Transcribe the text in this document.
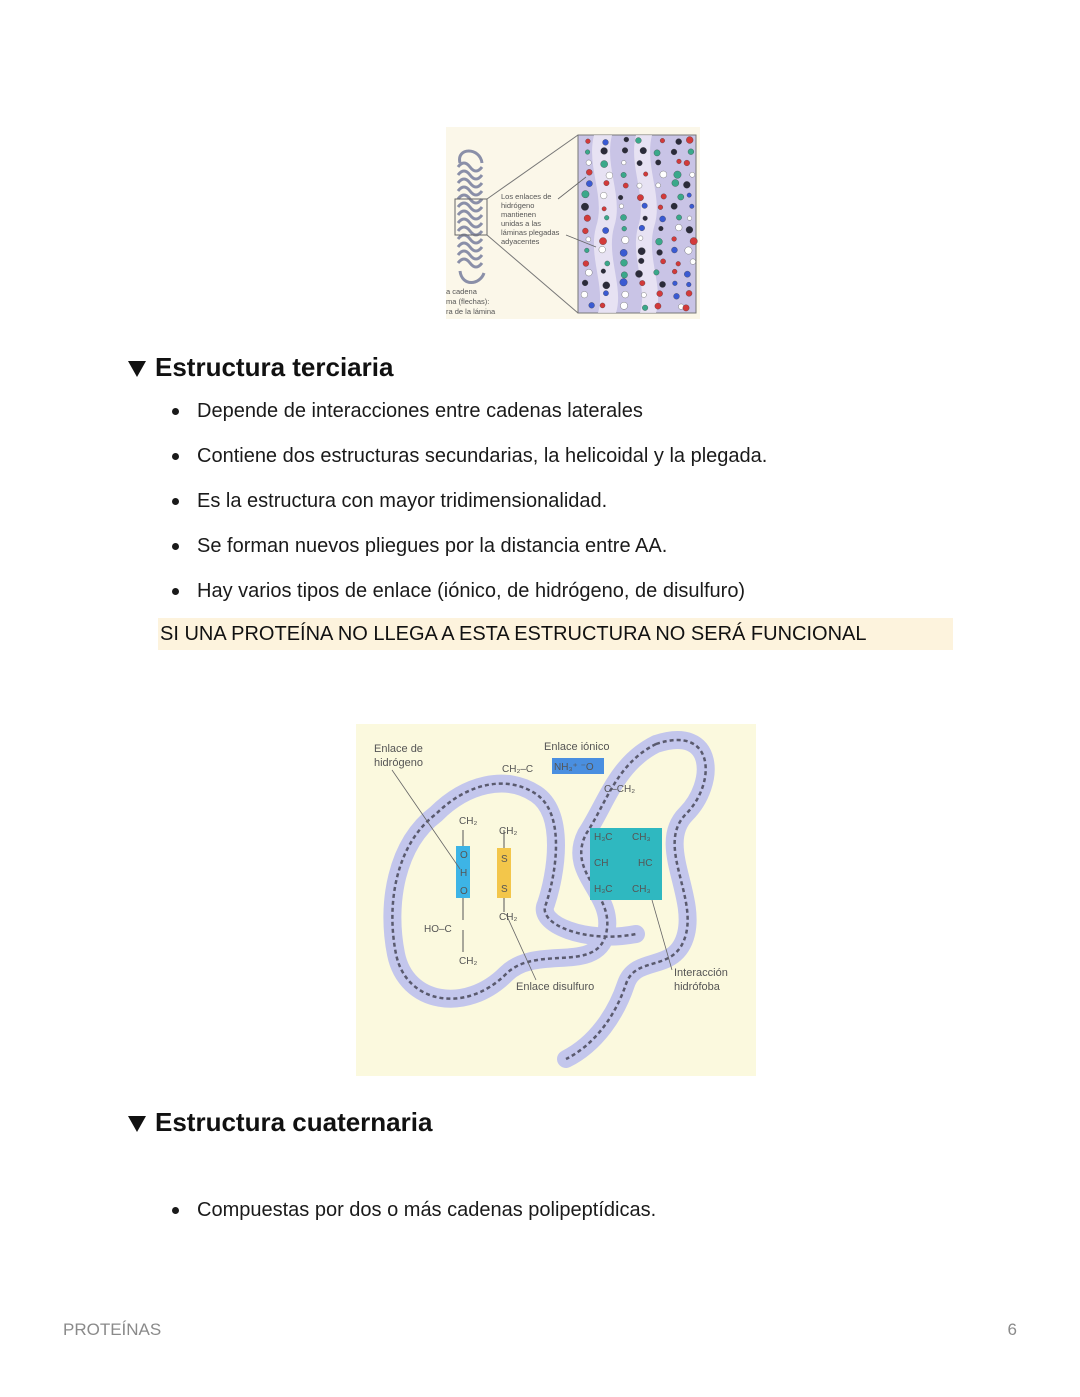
Los enlaces de hidrógeno mantienen unidas a las láminas plegadas adyacentes
a cadena ma (flechas): ra de la lámina
Estructura terciaria
Depende de interacciones entre cadenas laterales
Contiene dos estructuras secundarias, la helicoidal y la plegada.
Es la estructura con mayor tridimensionalidad.
Se forman nuevos pliegues por la distancia entre AA.
Hay varios tipos de enlace (iónico, de hidrógeno, de disulfuro)
SI UNA PROTEÍNA NO LLEGA A ESTA ESTRUCTURA NO SERÁ FUNCIONAL
Enlace de hidrógeno
Enlace iónico
Enlace disulfuro
Interacción hidrófoba
CH₂–C NH₃⁺ ⁻O
C–CH₂
CH₂
CH₂
O
H
O
S
S
HO–C
CH₂
CH₂
H₃C CH₃
CH	HC
H₃C CH₃
Estructura cuaternaria
Compuestas por dos o más cadenas polipeptídicas.
PROTEÍNAS	6
